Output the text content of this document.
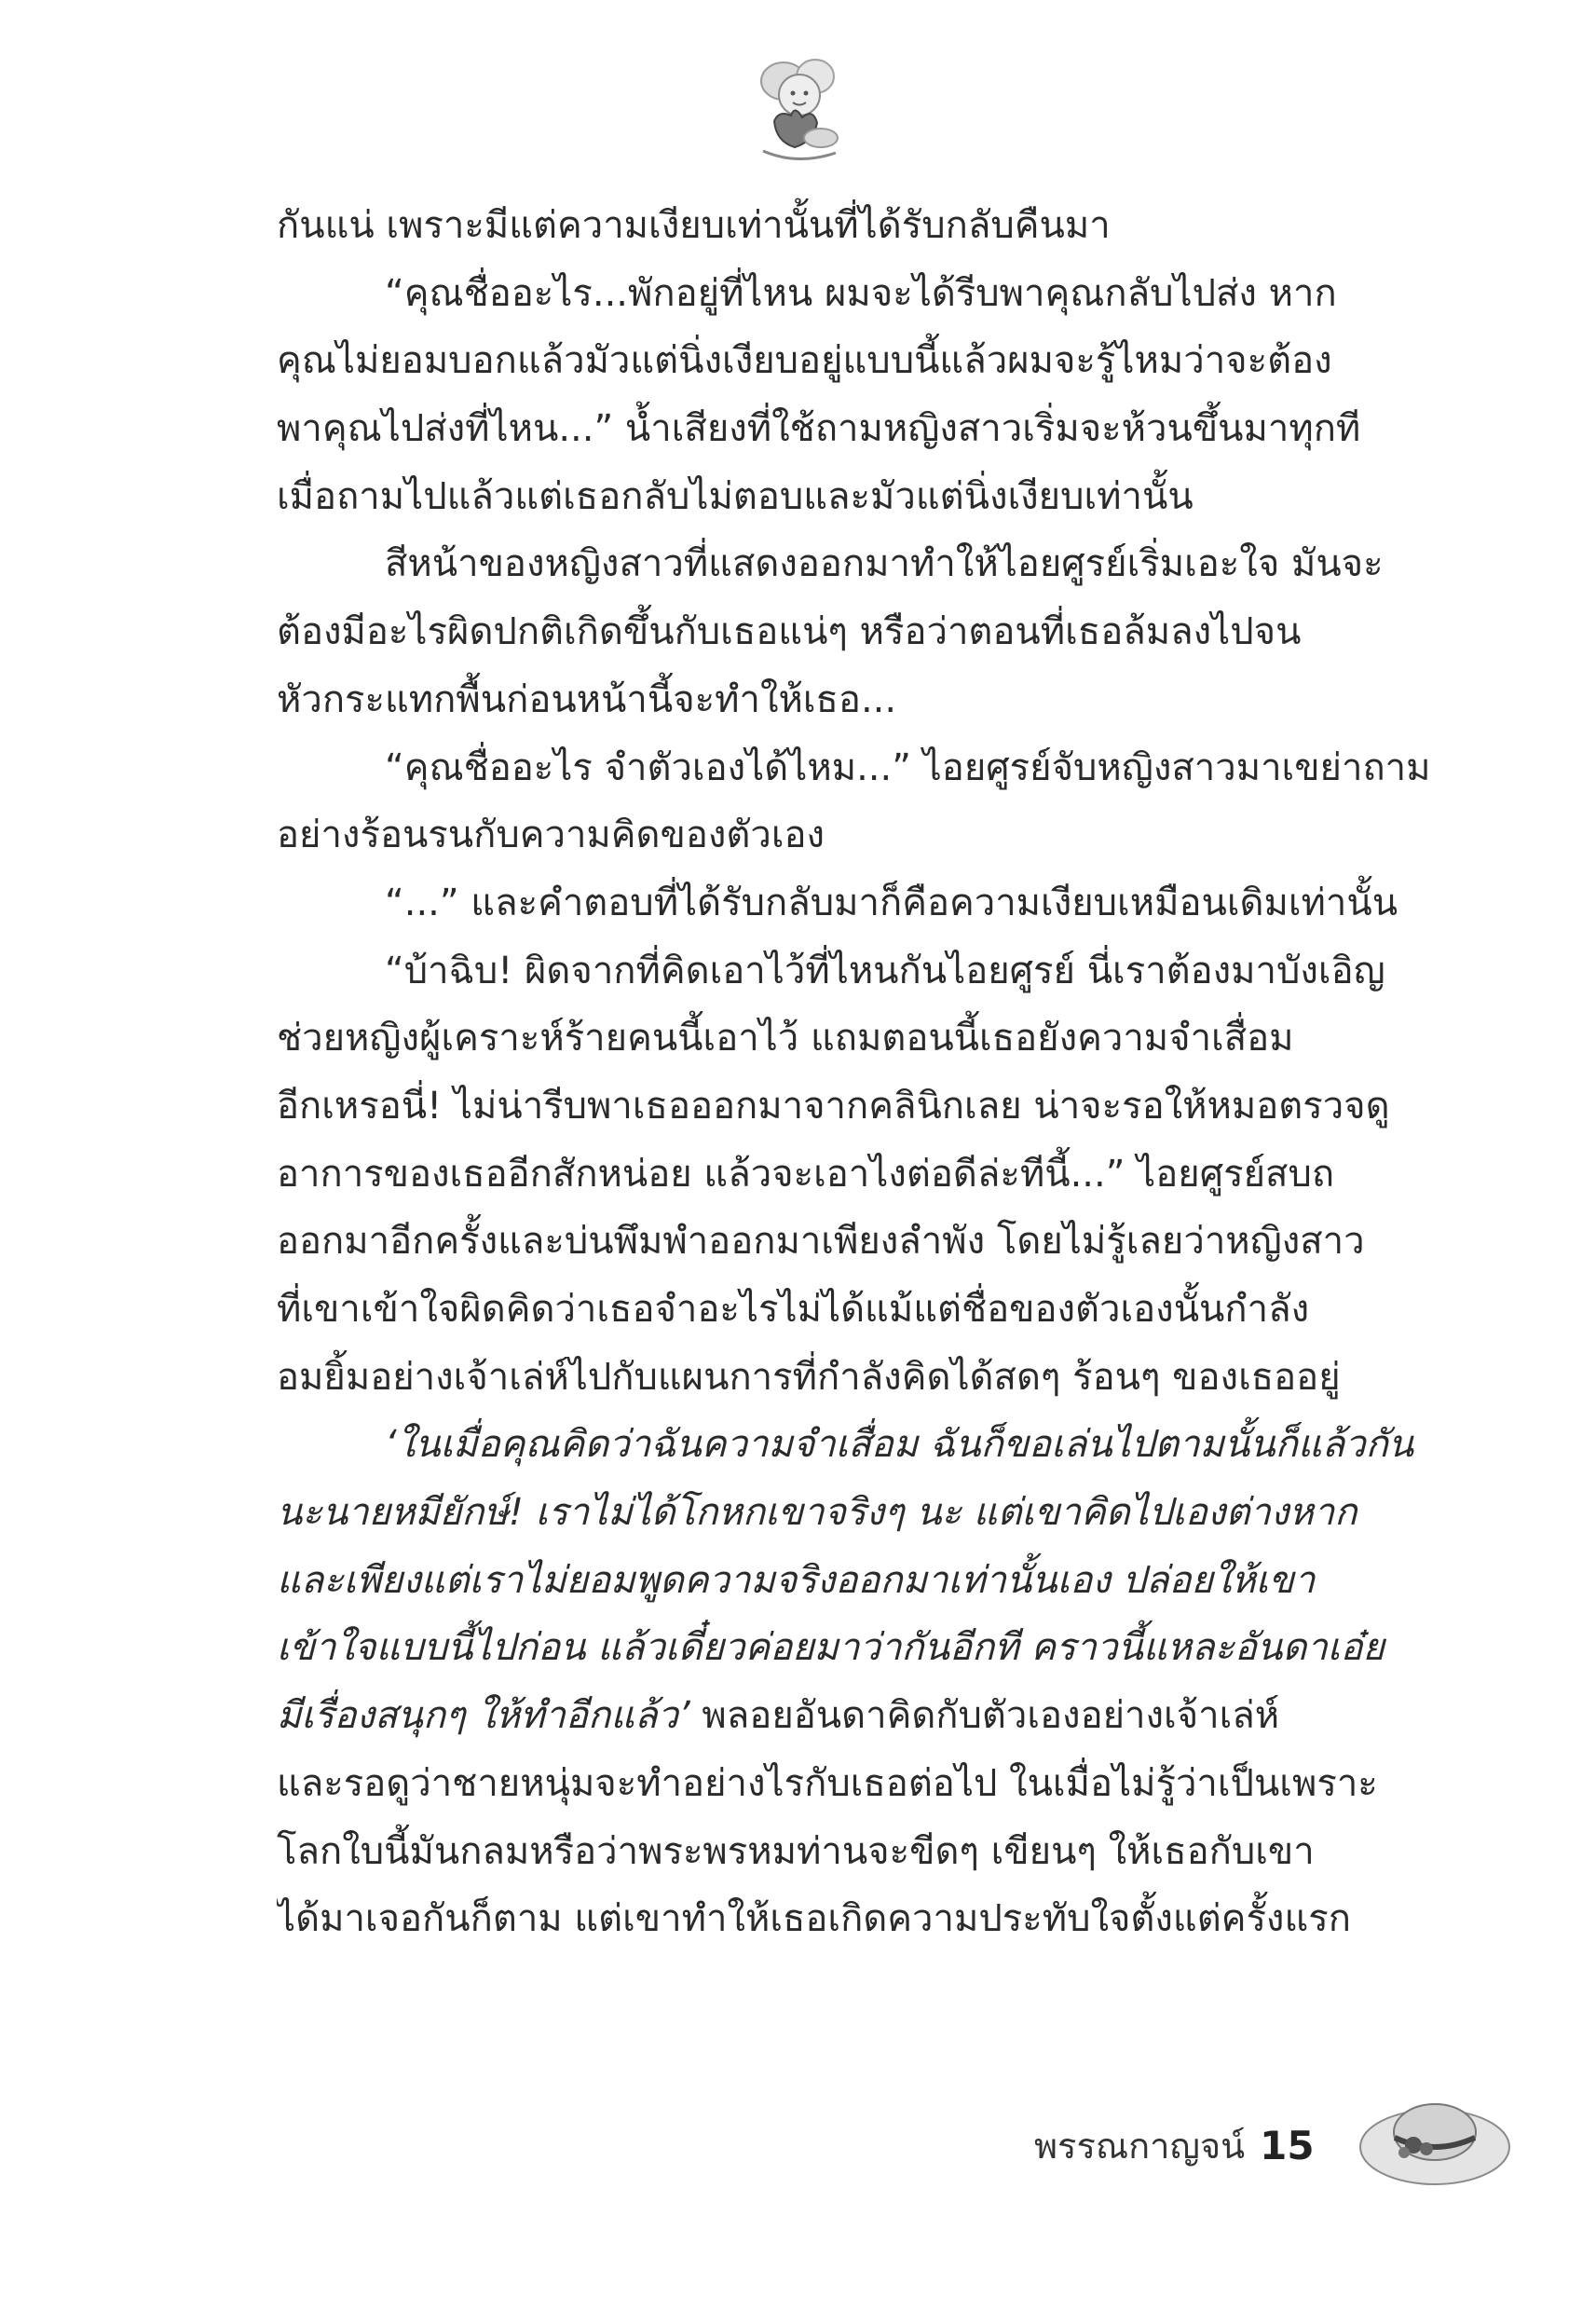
กันแน่ เพราะมีแต่ความเงียบเท่านั้นที่ได้รับกลับคืนมา
“คุณชื่ออะไร...พักอยู่ที่ไหน ผมจะได้รีบพาคุณกลับไปส่ง หาก
คุณไม่ยอมบอกแล้วมัวแต่นิ่งเงียบอยู่แบบนี้แล้วผมจะรู้ไหมว่าจะต้อง
พาคุณไปส่งที่ไหน...” น้ำเสียงที่ใช้ถามหญิงสาวเริ่มจะห้วนขึ้นมาทุกที
เมื่อถามไปแล้วแต่เธอกลับไม่ตอบและมัวแต่นิ่งเงียบเท่านั้น
สีหน้าของหญิงสาวที่แสดงออกมาทำให้ไอยศูรย์เริ่มเอะใจ มันจะ
ต้องมีอะไรผิดปกติเกิดขึ้นกับเธอแน่ๆ หรือว่าตอนที่เธอล้มลงไปจน
หัวกระแทกพื้นก่อนหน้านี้จะทำให้เธอ...
“คุณชื่ออะไร จำตัวเองได้ไหม...” ไอยศูรย์จับหญิงสาวมาเขย่าถาม
อย่างร้อนรนกับความคิดของตัวเอง
“...” และคำตอบที่ได้รับกลับมาก็คือความเงียบเหมือนเดิมเท่านั้น
“บ้าฉิบ! ผิดจากที่คิดเอาไว้ที่ไหนกันไอยศูรย์ นี่เราต้องมาบังเอิญ
ช่วยหญิงผู้เคราะห์ร้ายคนนี้เอาไว้ แถมตอนนี้เธอยังความจำเสื่อม
อีกเหรอนี่! ไม่น่ารีบพาเธอออกมาจากคลินิกเลย น่าจะรอให้หมอตรวจดู
อาการของเธออีกสักหน่อย แล้วจะเอาไงต่อดีล่ะทีนี้...” ไอยศูรย์สบถ
ออกมาอีกครั้งและบ่นพึมพำออกมาเพียงลำพัง โดยไม่รู้เลยว่าหญิงสาว
ที่เขาเข้าใจผิดคิดว่าเธอจำอะไรไม่ได้แม้แต่ชื่อของตัวเองนั้นกำลัง
อมยิ้มอย่างเจ้าเล่ห์ไปกับแผนการที่กำลังคิดได้สดๆ ร้อนๆ ของเธออยู่
‘ในเมื่อคุณคิดว่าฉันความจำเสื่อม ฉันก็ขอเล่นไปตามนั้นก็แล้วกัน
นะนายหมียักษ์! เราไม่ได้โกหกเขาจริงๆ นะ แต่เขาคิดไปเองต่างหาก
และเพียงแต่เราไม่ยอมพูดความจริงออกมาเท่านั้นเอง ปล่อยให้เขา
เข้าใจแบบนี้ไปก่อน แล้วเดี๋ยวค่อยมาว่ากันอีกที คราวนี้แหละอันดาเอ๋ย
มีเรื่องสนุกๆ ให้ทำอีกแล้ว’ พลอยอันดาคิดกับตัวเองอย่างเจ้าเล่ห์
และรอดูว่าชายหนุ่มจะทำอย่างไรกับเธอต่อไป ในเมื่อไม่รู้ว่าเป็นเพราะ
โลกใบนี้มันกลมหรือว่าพระพรหมท่านจะขีดๆ เขียนๆ ให้เธอกับเขา
ได้มาเจอกันก็ตาม แต่เขาทำให้เธอเกิดความประทับใจตั้งแต่ครั้งแรก
พรรณกาญจน์ 15
